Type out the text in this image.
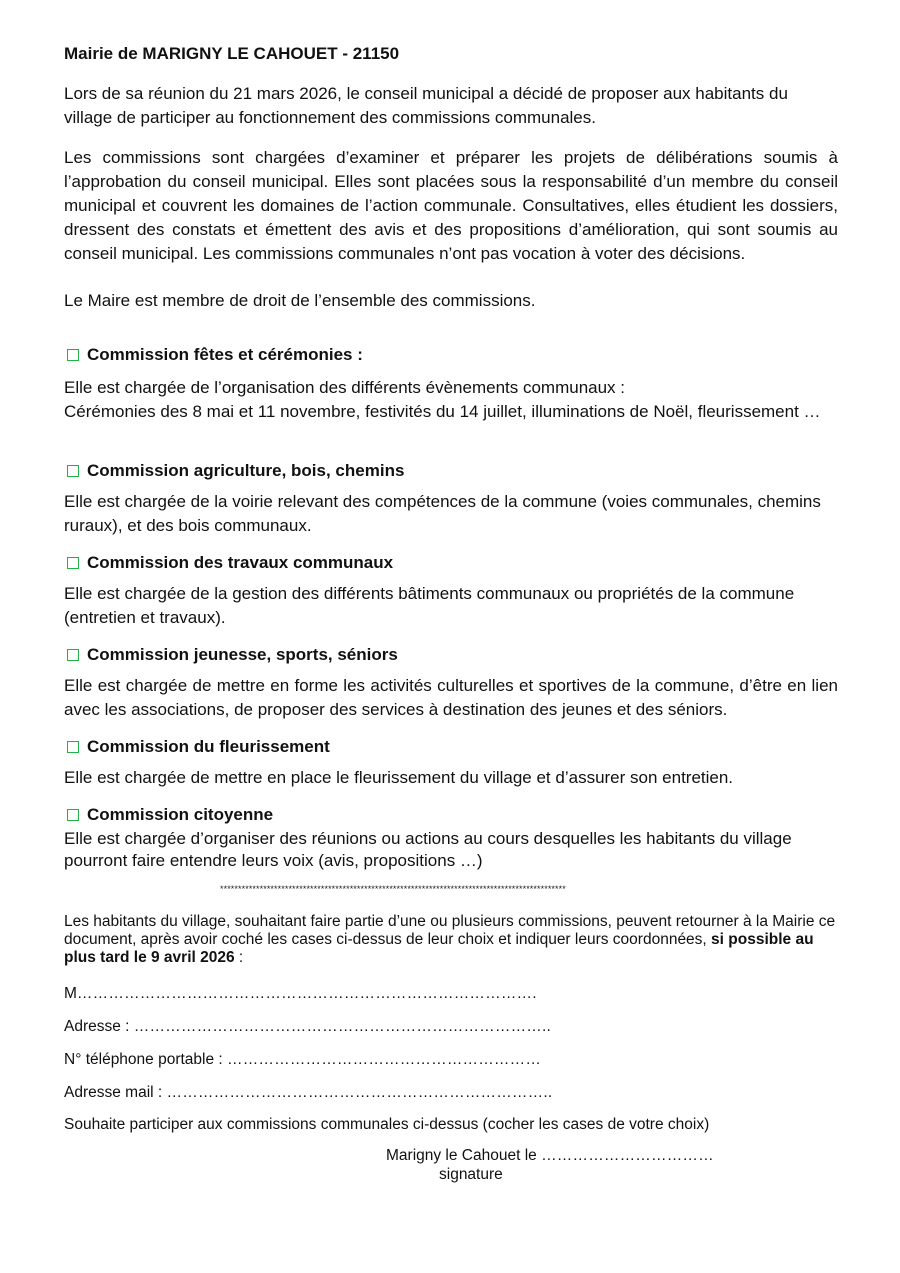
Mairie de MARIGNY LE CAHOUET - 21150
Lors de sa réunion du 21 mars 2026, le conseil municipal a décidé de proposer aux habitants du village de participer au fonctionnement des commissions communales.
Les commissions sont chargées d’examiner et préparer les projets de délibérations soumis à l’approbation du conseil municipal. Elles sont placées sous la responsabilité d’un membre du conseil municipal et couvrent les domaines de l’action communale. Consultatives, elles étudient les dossiers, dressent des constats et émettent des avis et des propositions d’amélioration, qui sont soumis au conseil municipal. Les commissions communales n’ont pas vocation à voter des décisions.
Le Maire est membre de droit de l’ensemble des commissions.
Commission fêtes et cérémonies :
Elle est chargée de l’organisation des différents évènements communaux :
Cérémonies des 8 mai et 11 novembre, festivités du 14 juillet, illuminations de Noël, fleurissement …
Commission agriculture, bois, chemins
Elle est chargée de la voirie relevant des compétences de la commune (voies communales, chemins ruraux), et des bois communaux.
Commission des travaux communaux
Elle est chargée de la gestion des différents bâtiments communaux ou propriétés de la commune (entretien et travaux).
Commission jeunesse, sports, séniors
Elle est chargée de mettre en forme les activités culturelles et sportives de la commune, d’être en lien avec les associations, de proposer des services à destination des jeunes et des séniors.
Commission du fleurissement
Elle est chargée de mettre en place le fleurissement du village et d’assurer son entretien.
Commission citoyenne
Elle est chargée d’organiser des réunions ou actions au cours desquelles les habitants du village pourront faire entendre leurs voix (avis, propositions …)
************************************************************************************************
Les habitants du village, souhaitant faire partie d’une ou plusieurs commissions, peuvent retourner à la Mairie ce document, après avoir coché les cases ci-dessus de leur choix et indiquer leurs coordonnées, si possible au plus tard le 9 avril 2026 :
M…………………………………………………………………………….
Adresse : ……………………………………………………………………..
N° téléphone portable : ……………………………………………………
Adresse mail : ………………………………………………………………..
Souhaite participer aux commissions communales ci-dessus (cocher les cases de votre choix)
Marigny le Cahouet le ……………………………
signature
